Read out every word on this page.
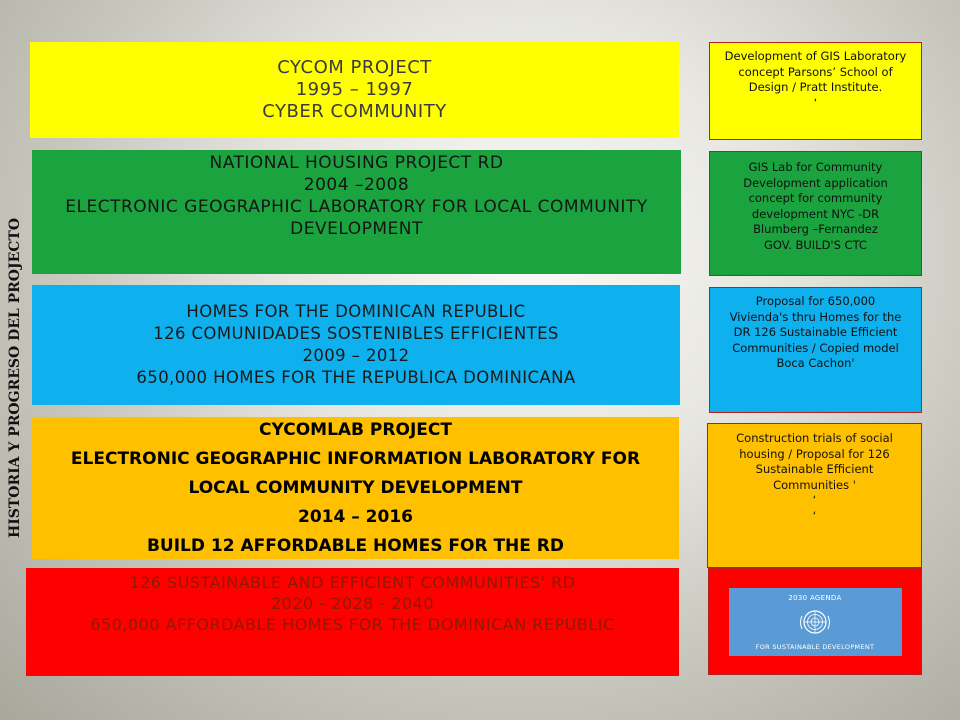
HISTORIA Y PROGRESO DEL PROJECTO
CYCOM PROJECT
1995 – 1997
CYBER COMMUNITY
NATIONAL HOUSING PROJECT RD
2004 –2008
ELECTRONIC GEOGRAPHIC LABORATORY FOR LOCAL COMMUNITY
DEVELOPMENT
HOMES FOR THE DOMINICAN REPUBLIC
126 COMUNIDADES SOSTENIBLES EFFICIENTES
2009 – 2012
650,000 HOMES FOR THE REPUBLICA DOMINICANA
CYCOMLAB PROJECT
ELECTRONIC GEOGRAPHIC INFORMATION LABORATORY FOR
LOCAL COMMUNITY DEVELOPMENT
2014 – 2016
BUILD 12 AFFORDABLE HOMES FOR THE RD
126 SUSTAINABLE AND EFFICIENT COMMUNITIES' RD
2020 - 2028 - 2040
650,000 AFFORDABLE HOMES FOR THE DOMINICAN REPUBLIC
Development of GIS Laboratory
concept Parsons’ School of
Design / Pratt Institute.
‘
GIS Lab for Community
Development application
concept for community
development NYC -DR
Blumberg –Fernandez
GOV. BUILD'S CTC
Proposal for 650,000
Vivienda's thru Homes for the
DR 126 Sustainable Efficient
Communities / Copied model
Boca Cachon'
Construction trials of social
housing / Proposal for 126
Sustainable Efficient
Communities '
‘
‘
2030 AGENDA
FOR SUSTAINABLE DEVELOPMENT
